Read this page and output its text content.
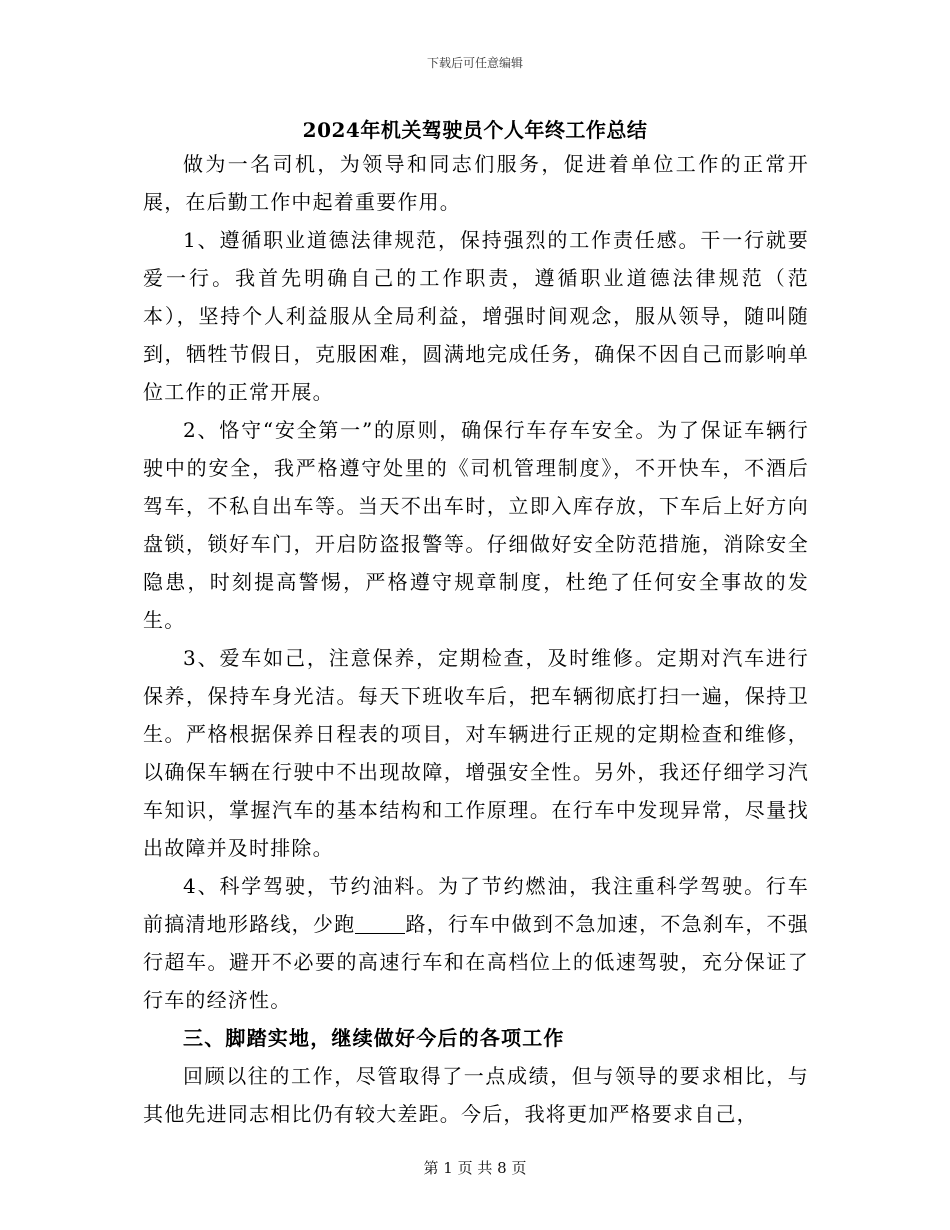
下载后可任意编辑
2024年机关驾驶员个人年终工作总结

做为一名司机，为领导和同志们服务，促进着单位工作的正常开展，在后勤工作中起着重要作用。

1、遵循职业道德法律规范，保持强烈的工作责任感。干一行就要爱一行。我首先明确自己的工作职责，遵循职业道德法律规范（范本），坚持个人利益服从全局利益，增强时间观念，服从领导，随叫随到，牺牲节假日，克服困难，圆满地完成任务，确保不因自己而影响单位工作的正常开展。

2、恪守“安全第一”的原则，确保行车存车安全。为了保证车辆行驶中的安全，我严格遵守处里的《司机管理制度》，不开快车，不酒后驾车，不私自出车等。当天不出车时，立即入库存放，下车后上好方向盘锁，锁好车门，开启防盗报警等。仔细做好安全防范措施，消除安全隐患，时刻提高警惕，严格遵守规章制度，杜绝了任何安全事故的发生。

3、爱车如己，注意保养，定期检查，及时维修。定期对汽车进行保养，保持车身光洁。每天下班收车后，把车辆彻底打扫一遍，保持卫生。严格根据保养日程表的项目，对车辆进行正规的定期检查和维修，以确保车辆在行驶中不出现故障，增强安全性。另外，我还仔细学习汽车知识，掌握汽车的基本结构和工作原理。在行车中发现异常，尽量找出故障并及时排除。

4、科学驾驶，节约油料。为了节约燃油，我注重科学驾驶。行车前搞清地形路线，少跑	路，行车中做到不急加速，不急刹车，不强行超车。避开不必要的高速行车和在高档位上的低速驾驶，充分保证了行车的经济性。

三、脚踏实地，继续做好今后的各项工作

回顾以往的工作，尽管取得了一点成绩，但与领导的要求相比，与其他先进同志相比仍有较大差距。今后，我将更加严格要求自己，

第 1 页 共 8 页
